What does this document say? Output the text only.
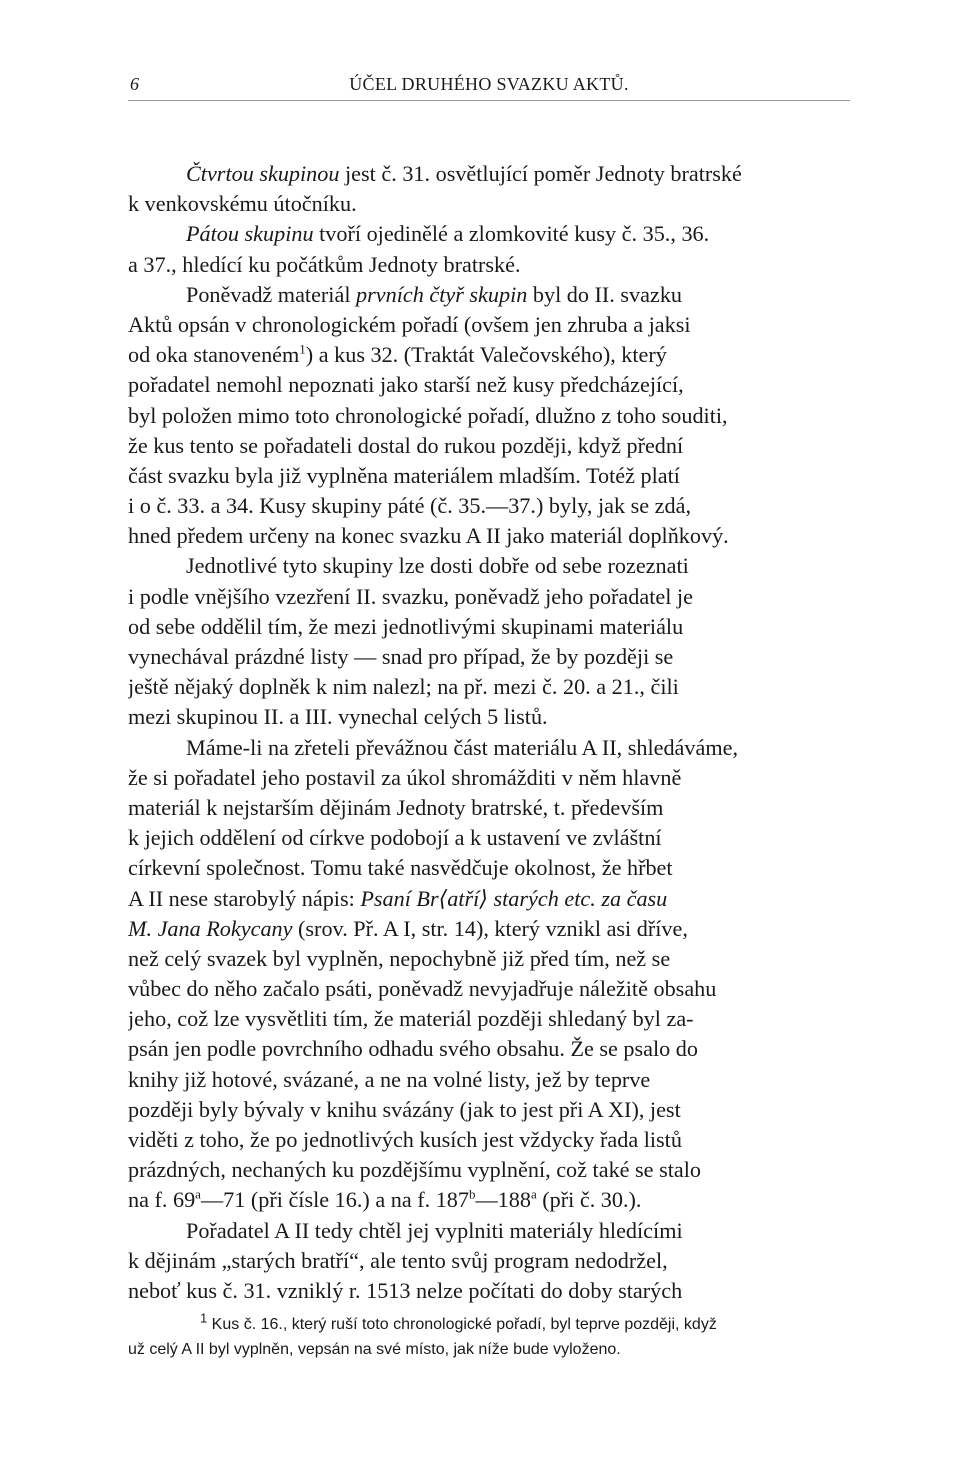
6	ÚČEL DRUHÉHO SVAZKU AKTŮ.
Čtvrtou skupinou jest č. 31. osvětlující poměr Jednoty bratrské
k venkovskému útočníku.
Pátou skupinu tvoří ojedinělé a zlomkovité kusy č. 35., 36.
a 37., hledící ku počátkům Jednoty bratrské.
Poněvadž materiál prvních čtyř skupin byl do II. svazku
Aktů opsán v chronologickém pořadí (ovšem jen zhruba a jaksi
od oka stanoveném$^1$) a kus 32. (Traktát Valečovského), který
pořadatel nemohl nepoznati jako starší než kusy předcházející,
byl položen mimo toto chronologické pořadí, dlužno z toho souditi,
že kus tento se pořadateli dostal do rukou později, když přední
část svazku byla již vyplněna materiálem mladším. Totéž platí
i o č. 33. a 34. Kusy skupiny páté (č. 35.—37.) byly, jak se zdá,
hned předem určeny na konec svazku A II jako materiál doplňkový.
Jednotlivé tyto skupiny lze dosti dobře od sebe rozeznati
i podle vnějšího vzezření II. svazku, poněvadž jeho pořadatel je
od sebe oddělil tím, že mezi jednotlivými skupinami materiálu
vynechával prázdné listy — snad pro případ, že by později se
ještě nějaký doplněk k nim nalezl; na př. mezi č. 20. a 21., čili
mezi skupinou II. a III. vynechal celých 5 listů.
Máme-li na zřeteli převážnou část materiálu A II, shledáváme,
že si pořadatel jeho postavil za úkol shromážditi v něm hlavně
materiál k nejstarším dějinám Jednoty bratrské, t. především
k jejich oddělení od církve podobojí a k ustavení ve zvláštní
církevní společnost. Tomu také nasvědčuje okolnost, že hřbet
A II nese starobylý nápis: Psaní Br⟨atří⟩ starých etc. za času
M. Jana Rokycany (srov. Př. A I, str. 14), který vznikl asi dříve,
než celý svazek byl vyplněn, nepochybně již před tím, než se
vůbec do něho začalo psáti, poněvadž nevyjadřuje náležitě obsahu
jeho, což lze vysvětliti tím, že materiál později shledaný byl za-
psán jen podle povrchního odhadu svého obsahu. Že se psalo do
knihy již hotové, svázané, a ne na volné listy, jež by teprve
později byly bývaly v knihu svázány (jak to jest při A XI), jest
viděti z toho, že po jednotlivých kusích jest vždycky řada listů
prázdných, nechaných ku pozdějšímu vyplnění, což také se stalo
na f. 69$^a$—71 (při čísle 16.) a na f. 187$^b$—188$^a$ (při č. 30.).
Pořadatel A II tedy chtěl jej vyplniti materiály hledícími
k dějinám „starých bratří“, ale tento svůj program nedodržel,
neboť kus č. 31. vzniklý r. 1513 nelze počítati do doby starých
$^1$ Kus č. 16., který ruší toto chronologické pořadí, byl teprve později, když
už celý A II byl vyplněn, vepsán na své místo, jak níže bude vyloženo.
